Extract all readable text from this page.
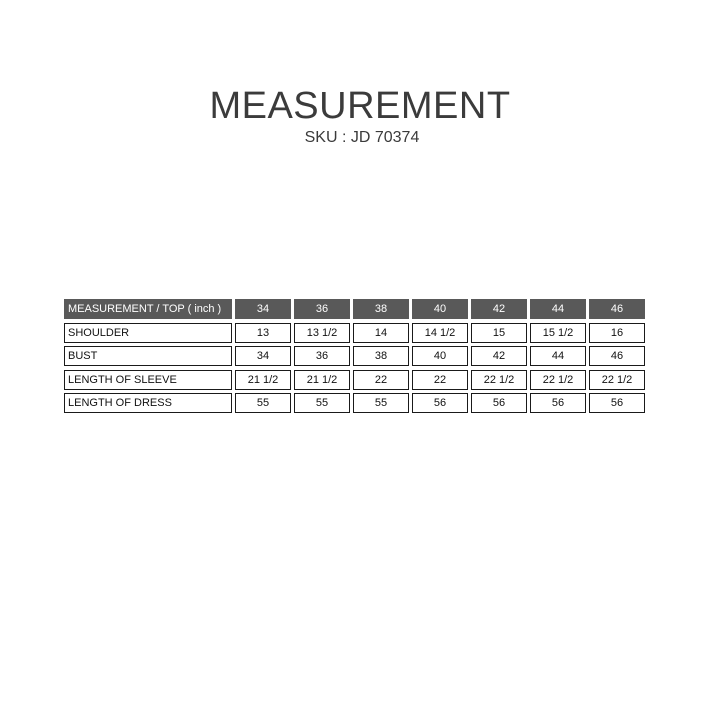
MEASUREMENT
SKU : JD 70374
MEASUREMENT / TOP ( inch )	34	36	38	40	42	44	46
SHOULDER	13	13 1/2	14	14 1/2	15	15 1/2	16
BUST	34	36	38	40	42	44	46
LENGTH OF SLEEVE	21 1/2	21 1/2	22	22	22 1/2	22 1/2	22 1/2
LENGTH OF DRESS	55	55	55	56	56	56	56
